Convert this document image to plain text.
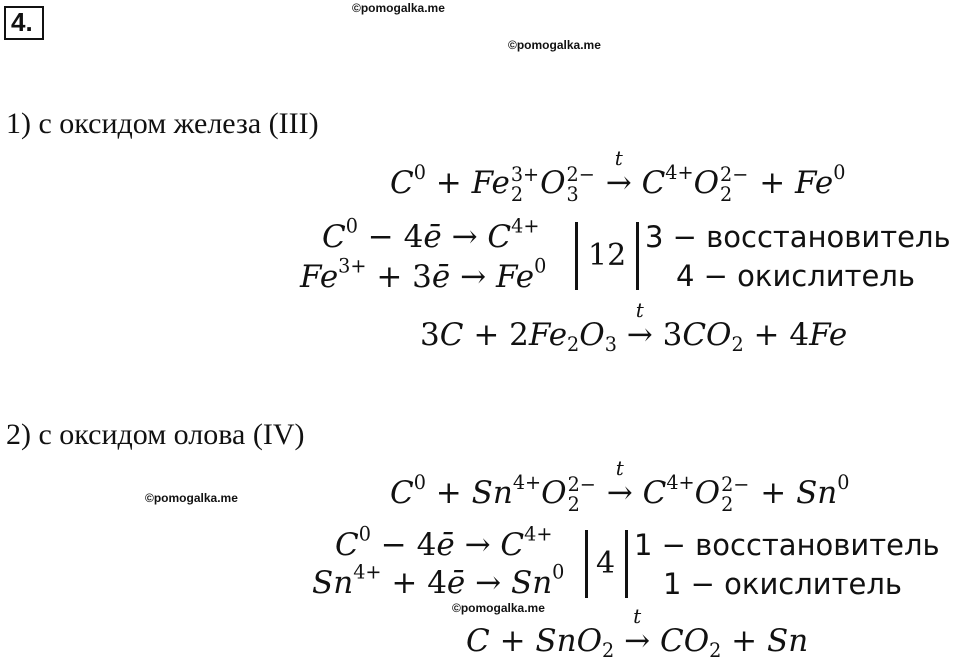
4.	©pomogalka.me
©pomogalka.me
©pomogalka.me
©pomogalka.me
1) с оксидом железа (III)
$C^0 + Fe$ 3+
2 O 2−
3 →
t
$C^{4+}O$ 2−
$2 + Fe^0$
$C^0$ − 4ē → $C^{4+}$
$Fe^{3+}$ + 3ē → $Fe^0$ 12
3 − восстановитель
4 − окислитель
$3C + 2Fe_2O_3$ →
t
$3CO_2 + 4Fe$
2) с оксидом олова (IV)
$C^0 + Sn^{4+}O$ 2−
2 →
t
$C^{4+}O$ 2−
$2 + Sn^0$
$C^0$ − 4ē → $C^{4+}$
$Sn^{4+}$ + 4ē → $Sn^0$ 4
1 − восстановитель
1 − окислитель
C + SnO$_2$ →
t
$CO_2 + Sn$
